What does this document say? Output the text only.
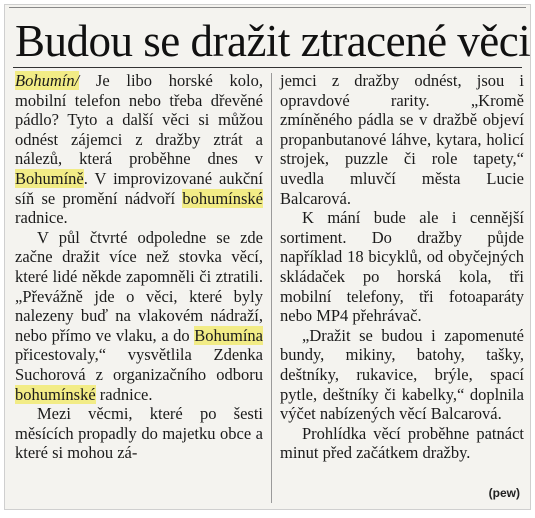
Budou se dražit ztracené věci

Bohumín/ Je libo horské kolo, mobilní telefon nebo třeba dřevěné pádlo? Tyto a další věci si můžou odnést zájemci z dražby ztrát a nálezů, která proběhne dnes v Bohumíně. V improvizované aukční síň se promění nádvoří bohumínské radnice.

V půl čtvrté odpoledne se zde začne dražit více než stovka věcí, které lidé někde zapomněli či ztratili. „Převážně jde o věci, které byly nalezeny buď na vlakovém nádraží, nebo přímo ve vlaku, a do Bohumína přicestovaly,“ vysvětlila Zdenka Suchorová z organizačního odboru bohumínské radnice.

Mezi věcmi, které po šesti měsících propadly do majetku obce a které si mohou zá-

jemci z dražby odnést, jsou i opravdové rarity. „Kromě zmíněného pádla se v dražbě objeví propanbutanové láhve, kytara, holicí strojek, puzzle či role tapety,“ uvedla mluvčí města Lucie Balcarová.

K mání bude ale i cennější sortiment. Do dražby půjde například 18 bicyklů, od obyčejných skládaček po horská kola, tři mobilní telefony, tři fotoaparáty nebo MP4 přehrávač.

„Dražit se budou i zapomenuté bundy, mikiny, batohy, tašky, deštníky, rukavice, brýle, spací pytle, deštníky či kabelky,“ doplnila výčet nabízených věcí Balcarová.

Prohlídka věcí proběhne patnáct minut před začátkem dražby.

(pew)
